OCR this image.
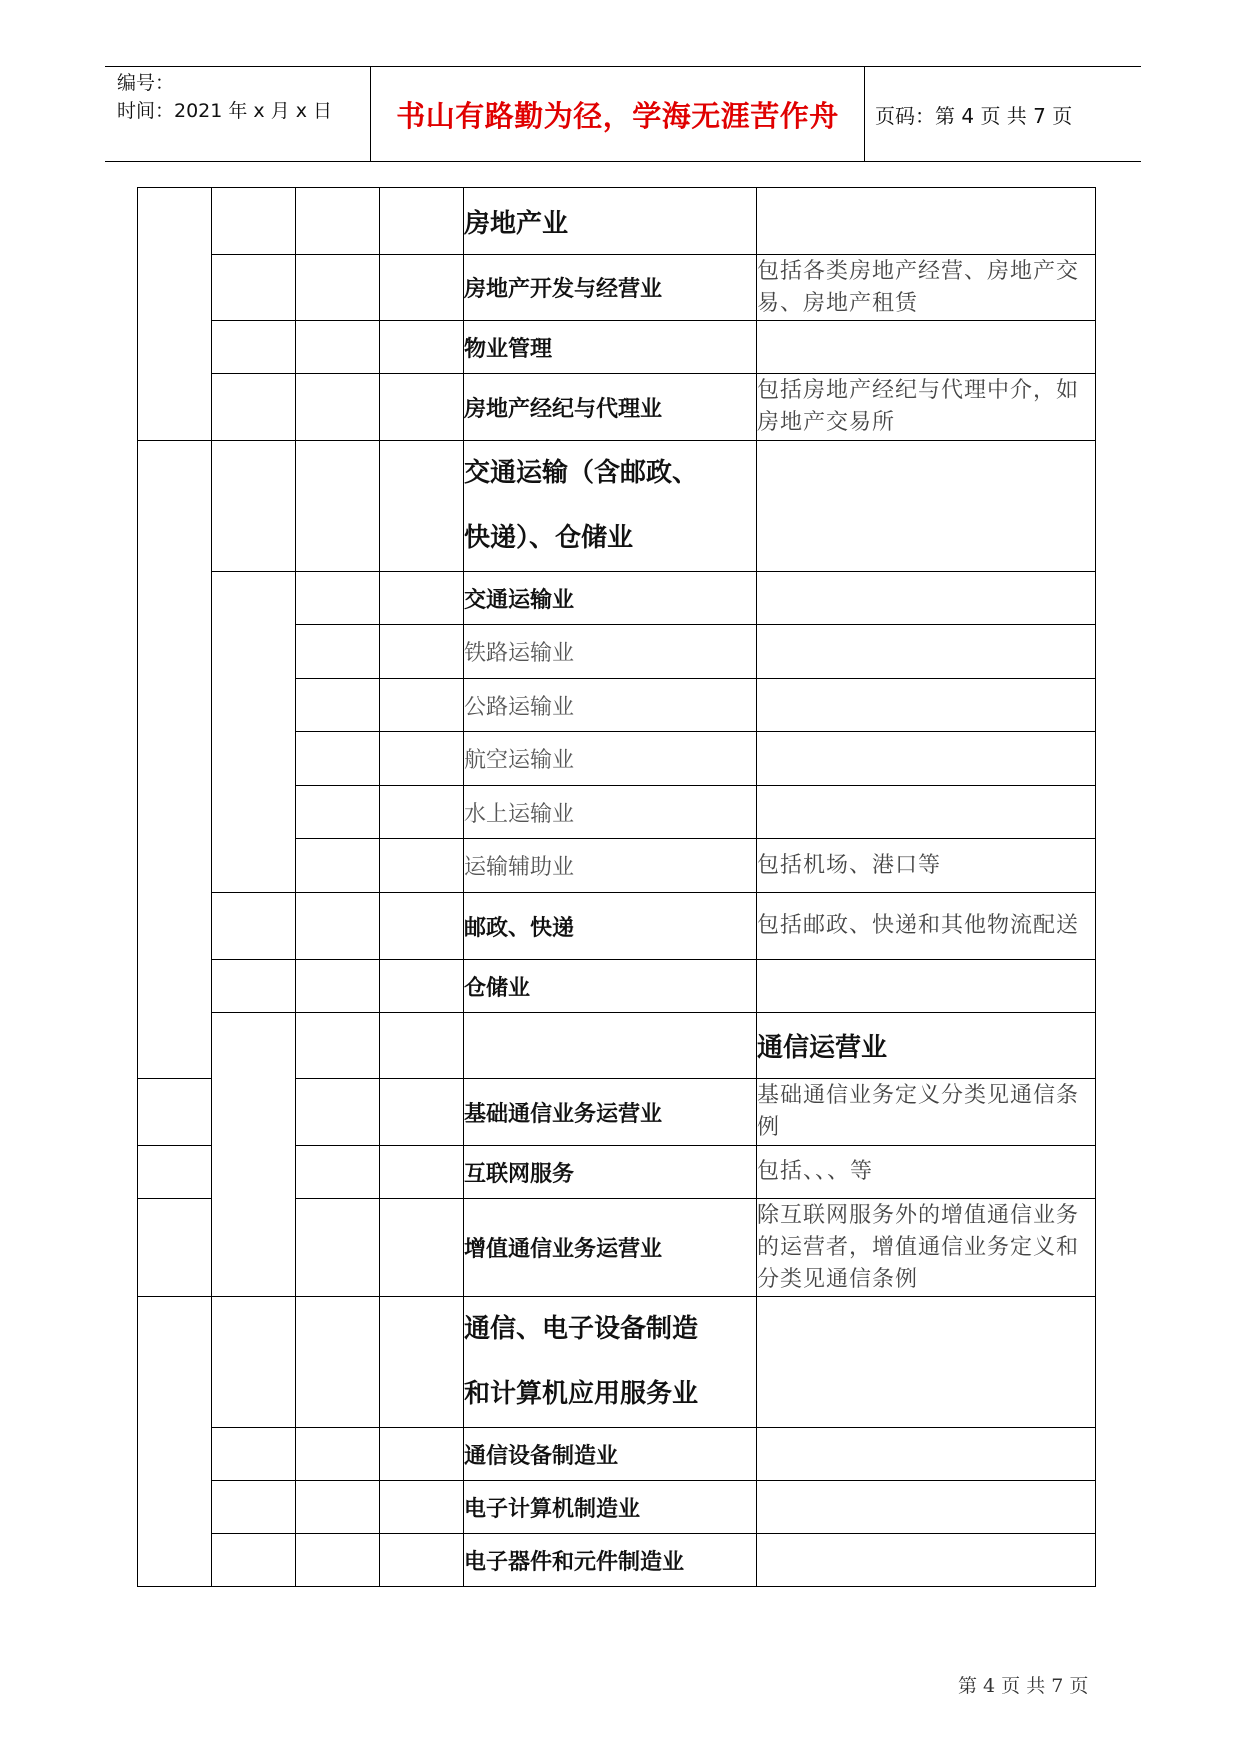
编号：
时间：2021 年 x 月 x 日	书山有路勤为径，学海无涯苦作舟	页码：第 4 页 共 7 页
				房地产业		
				房地产开发与经营业	包括各类房地产经营、房地产交易、房地产租赁	
				物业管理		
				房地产经纪与代理业	包括房地产经纪与代理中介，如房地产交易所	

				交通运输（含邮政、
快递）、仓储业		

				交通运输业		
				铁路运输业		
				公路运输业		
				航空运输业		
				水上运输业		
				运输辅助业	包括机场、港口等	
				邮政、快递	包括邮政、快递和其他物流配送	
				仓储业		
					通信运营业	
				基础通信业务运营业	基础通信业务定义分类见通信条例	
				互联网服务	包括、、、等	
				增值通信业务运营业	除互联网服务外的增值通信业务的运营者，增值通信业务定义和分类见通信条例	

				通信、电子设备制造
和计算机应用服务业		

				通信设备制造业		
				电子计算机制造业		
				电子器件和元件制造业		
第 4 页 共 7 页
